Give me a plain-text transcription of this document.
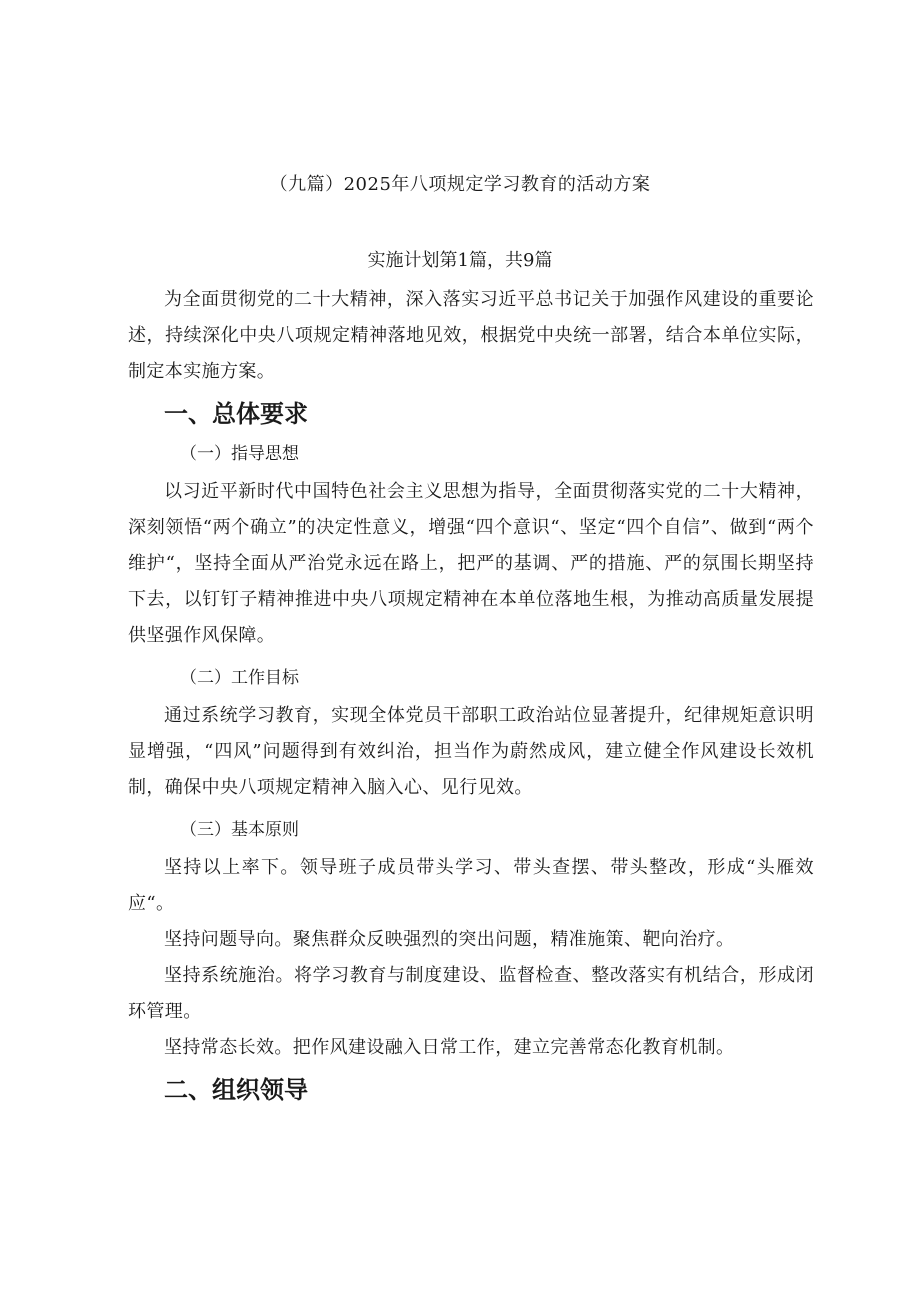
（九篇）2025年八项规定学习教育的活动方案
实施计划第1篇，共9篇

为全面贯彻党的二十大精神，深入落实习近平总书记关于加强作风建设的重要论述，持续深化中央八项规定精神落地见效，根据党中央统一部署，结合本单位实际，制定本实施方案。

一、总体要求
（一）指导思想

以习近平新时代中国特色社会主义思想为指导，全面贯彻落实党的二十大精神，深刻领悟“两个确立”的决定性意义，增强“四个意识“、坚定“四个自信”、做到“两个维护“，坚持全面从严治党永远在路上，把严的基调、严的措施、严的氛围长期坚持下去，以钉钉子精神推进中央八项规定精神在本单位落地生根，为推动高质量发展提供坚强作风保障。

（二）工作目标

通过系统学习教育，实现全体党员干部职工政治站位显著提升，纪律规矩意识明显增强，“四风”问题得到有效纠治，担当作为蔚然成风，建立健全作风建设长效机制，确保中央八项规定精神入脑入心、见行见效。

（三）基本原则

坚持以上率下。领导班子成员带头学习、带头查摆、带头整改，形成“头雁效应“。

坚持问题导向。聚焦群众反映强烈的突出问题，精准施策、靶向治疗。

坚持系统施治。将学习教育与制度建设、监督检查、整改落实有机结合，形成闭环管理。

坚持常态长效。把作风建设融入日常工作，建立完善常态化教育机制。

二、组织领导
